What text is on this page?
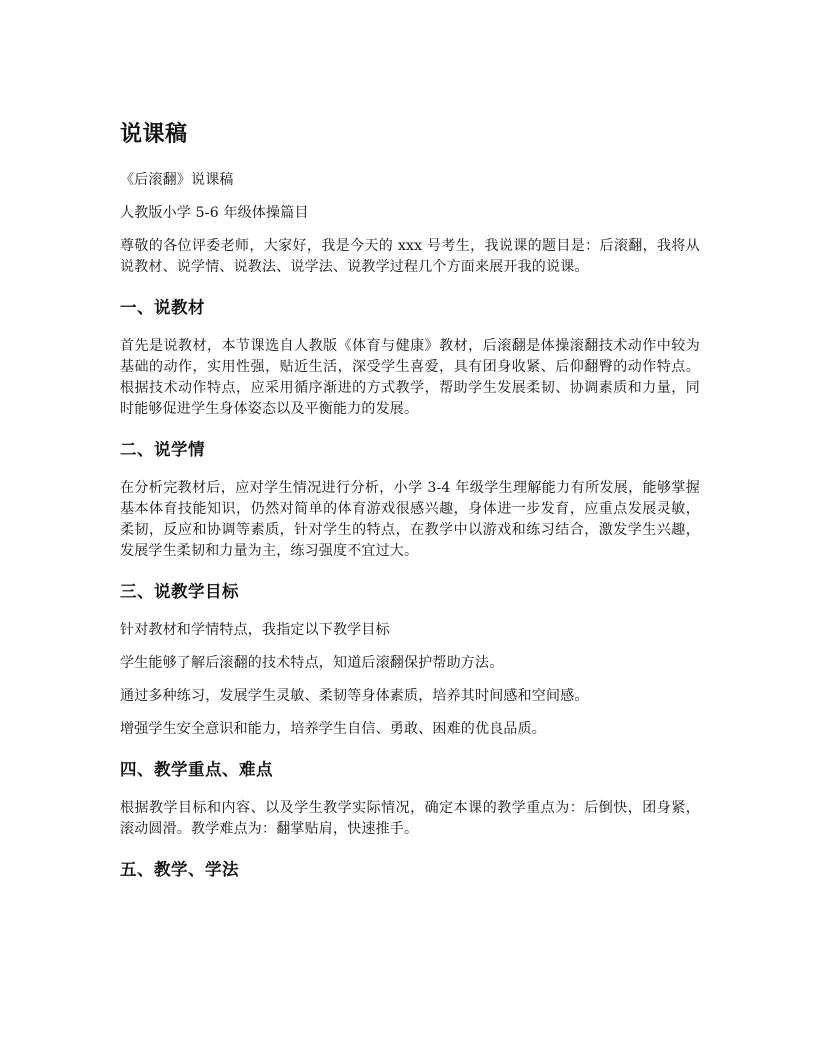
说课稿

《后滚翻》说课稿

人教版小学 5-6 年级体操篇目

尊敬的各位评委老师，大家好，我是今天的 xxx 号考生，我说课的题目是：后滚翻，我将从说教材、说学情、说教法、说学法、说教学过程几个方面来展开我的说课。

一、说教材

首先是说教材，本节课选自人教版《体育与健康》教材，后滚翻是体操滚翻技术动作中较为基础的动作，实用性强，贴近生活，深受学生喜爱，具有团身收紧、后仰翻臀的动作特点。根据技术动作特点，应采用循序渐进的方式教学，帮助学生发展柔韧、协调素质和力量，同时能够促进学生身体姿态以及平衡能力的发展。

二、说学情

在分析完教材后，应对学生情况进行分析，小学 3-4 年级学生理解能力有所发展，能够掌握基本体育技能知识，仍然对简单的体育游戏很感兴趣，身体进一步发育，应重点发展灵敏，柔韧，反应和协调等素质，针对学生的特点，在教学中以游戏和练习结合，激发学生兴趣，发展学生柔韧和力量为主，练习强度不宜过大。

三、说教学目标

针对教材和学情特点，我指定以下教学目标

学生能够了解后滚翻的技术特点，知道后滚翻保护帮助方法。

通过多种练习，发展学生灵敏、柔韧等身体素质，培养其时间感和空间感。

增强学生安全意识和能力，培养学生自信、勇敢、困难的优良品质。

四、教学重点、难点

根据教学目标和内容、以及学生教学实际情况，确定本课的教学重点为：后倒快，团身紧，滚动圆滑。教学难点为：翻掌贴肩，快速推手。

五、教学、学法
